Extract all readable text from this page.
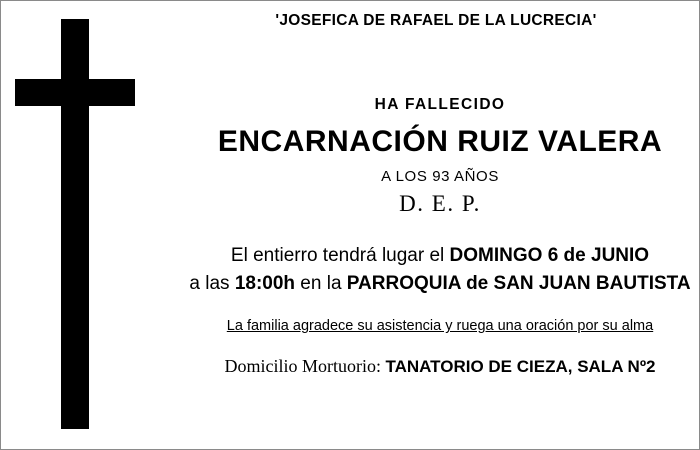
'JOSEFICA DE RAFAEL DE LA LUCRECIA'
HA FALLECIDO
ENCARNACIÓN RUIZ VALERA
A LOS 93 AÑOS
D. E. P.
El entierro tendrá lugar el DOMINGO 6 de JUNIO
a las 18:00h en la PARROQUIA de SAN JUAN BAUTISTA
La familia agradece su asistencia y ruega una oración por su alma
Domicilio Mortuorio: TANATORIO DE CIEZA, SALA Nº2
